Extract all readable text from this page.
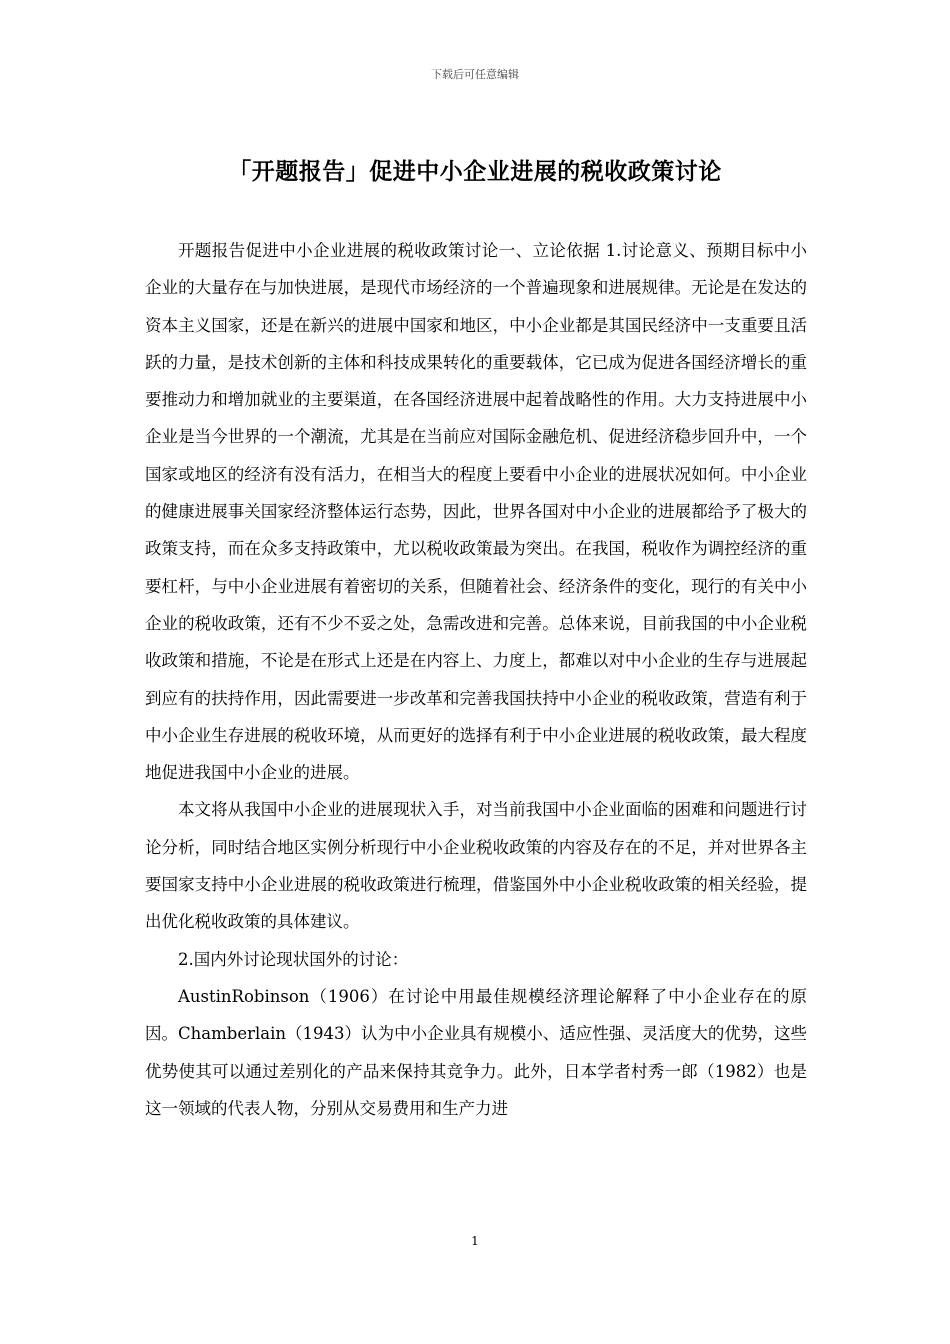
下载后可任意编辑
「开题报告」促进中小企业进展的税收政策讨论

开题报告促进中小企业进展的税收政策讨论一、立论依据 1.讨论意义、预期目标中小企业的大量存在与加快进展，是现代市场经济的一个普遍现象和进展规律。无论是在发达的资本主义国家，还是在新兴的进展中国家和地区，中小企业都是其国民经济中一支重要且活跃的力量，是技术创新的主体和科技成果转化的重要载体，它已成为促进各国经济增长的重要推动力和增加就业的主要渠道，在各国经济进展中起着战略性的作用。大力支持进展中小企业是当今世界的一个潮流，尤其是在当前应对国际金融危机、促进经济稳步回升中，一个国家或地区的经济有没有活力，在相当大的程度上要看中小企业的进展状况如何。中小企业的健康进展事关国家经济整体运行态势，因此，世界各国对中小企业的进展都给予了极大的政策支持，而在众多支持政策中，尤以税收政策最为突出。在我国，税收作为调控经济的重要杠杆，与中小企业进展有着密切的关系，但随着社会、经济条件的变化，现行的有关中小企业的税收政策，还有不少不妥之处，急需改进和完善。总体来说，目前我国的中小企业税收政策和措施，不论是在形式上还是在内容上、力度上，都难以对中小企业的生存与进展起到应有的扶持作用，因此需要进一步改革和完善我国扶持中小企业的税收政策，营造有利于中小企业生存进展的税收环境，从而更好的选择有利于中小企业进展的税收政策，最大程度地促进我国中小企业的进展。

本文将从我国中小企业的进展现状入手，对当前我国中小企业面临的困难和问题进行讨论分析，同时结合地区实例分析现行中小企业税收政策的内容及存在的不足，并对世界各主要国家支持中小企业进展的税收政策进行梳理，借鉴国外中小企业税收政策的相关经验，提出优化税收政策的具体建议。

2.国内外讨论现状国外的讨论：

AustinRobinson（1906）在讨论中用最佳规模经济理论解释了中小企业存在的原因。Chamberlain（1943）认为中小企业具有规模小、适应性强、灵活度大的优势，这些优势使其可以通过差别化的产品来保持其竞争力。此外，日本学者村秀一郎（1982）也是这一领域的代表人物，分别从交易费用和生产力进

1
